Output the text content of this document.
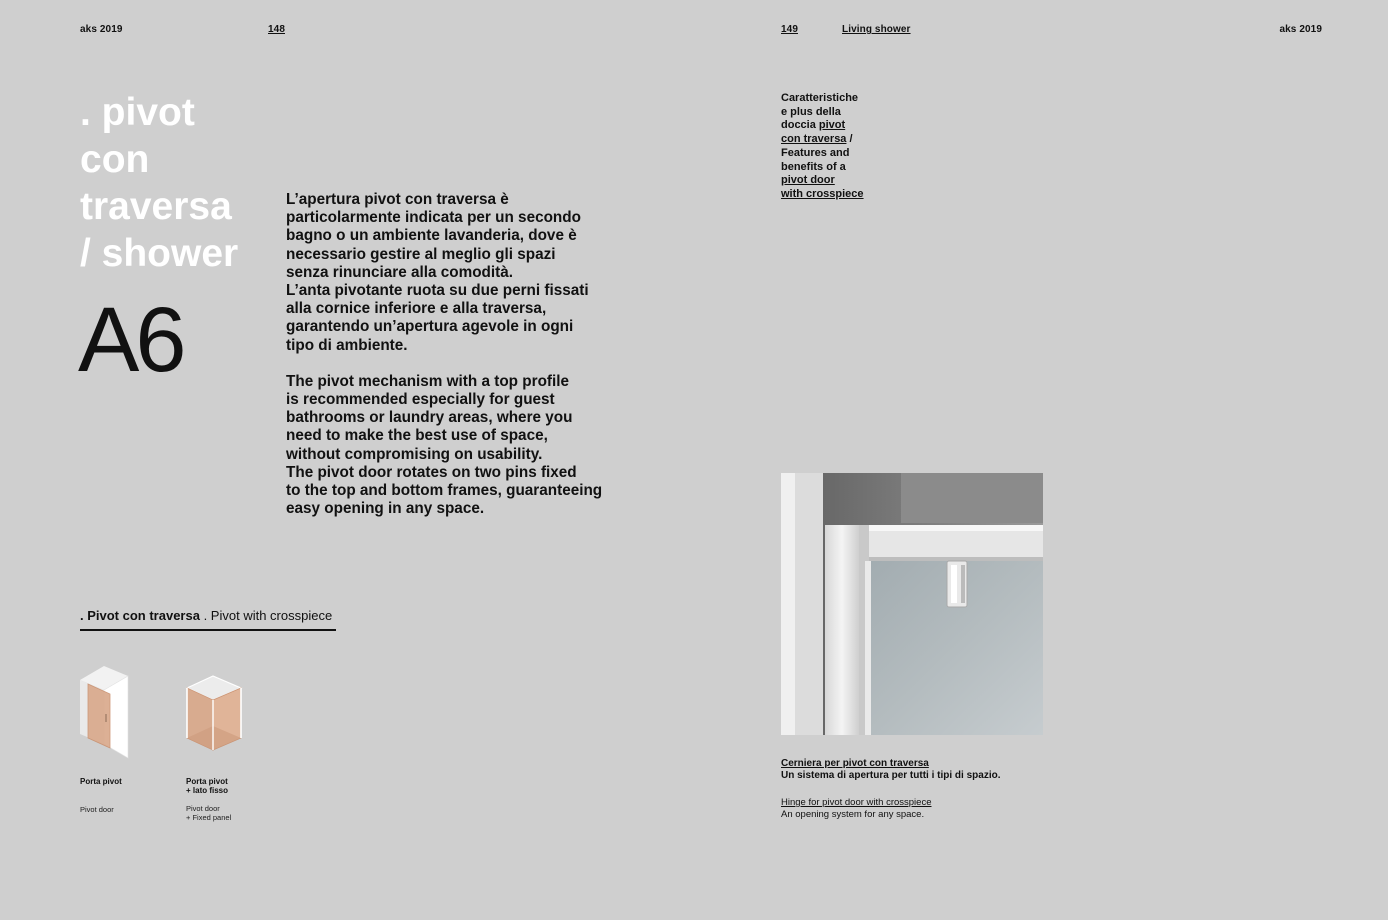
aks 2019	148
. pivot
con
traversa
/ shower
A6
L’apertura pivot con traversa è
particolarmente indicata per un secondo
bagno o un ambiente lavanderia, dove è
necessario gestire al meglio gli spazi
senza rinunciare alla comodità.
L’anta pivotante ruota su due perni fissati
alla cornice inferiore e alla traversa,
garantendo un’apertura agevole in ogni
tipo di ambiente.
The pivot mechanism with a top profile
is recommended especially for guest
bathrooms or laundry areas, where you
need to make the best use of space,
without compromising on usability.
The pivot door rotates on two pins fixed
to the top and bottom frames, guaranteeing
easy opening in any space.
. Pivot con traversa . Pivot with crosspiece
Porta pivot
Pivot door
Porta pivot
+ lato fisso
Pivot door
+ Fixed panel
149	Living shower	aks 2019
Caratteristiche
e plus della
doccia pivot
con traversa /
Features and
benefits of a
pivot door
with crosspiece
Cerniera per pivot con traversa
Un sistema di apertura per tutti i tipi di spazio.
Hinge for pivot door with crosspiece
An opening system for any space.
